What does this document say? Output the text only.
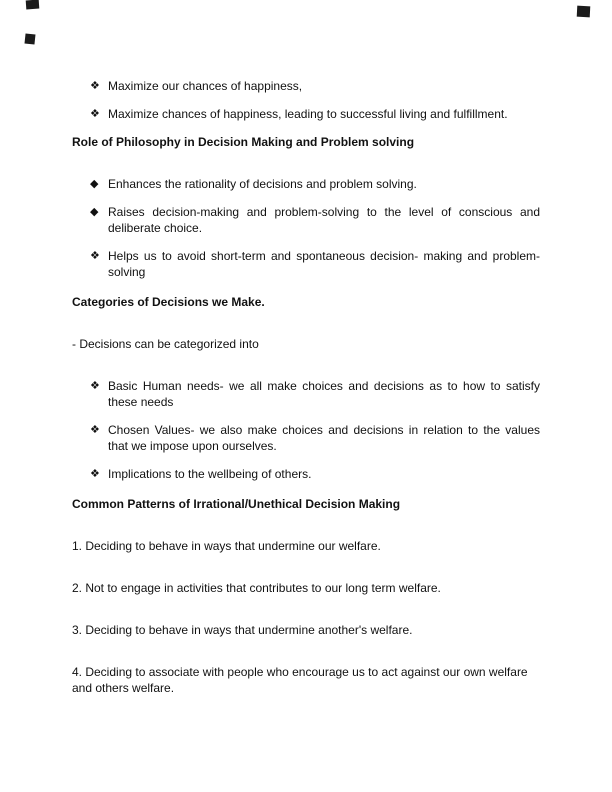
❖ Maximize our chances of happiness,
❖ Maximize chances of happiness, leading to successful living and fulfillment.
Role of Philosophy in Decision Making and Problem solving
◆ Enhances the rationality of decisions and problem solving.
◆ Raises decision-making and problem-solving to the level of conscious and deliberate choice.
❖ Helps us to avoid short-term and spontaneous decision- making and problem- solving
Categories of Decisions we Make.
- Decisions can be categorized into
❖ Basic Human needs- we all make choices and decisions as to how to satisfy these needs
❖ Chosen Values- we also make choices and decisions in relation to the values that we impose upon ourselves.
❖ Implications to the wellbeing of others.
Common Patterns of Irrational/Unethical Decision Making
1. Deciding to behave in ways that undermine our welfare.
2. Not to engage in activities that contributes to our long term welfare.
3. Deciding to behave in ways that undermine another's welfare.
4. Deciding to associate with people who encourage us to act against our own welfare and others welfare.
